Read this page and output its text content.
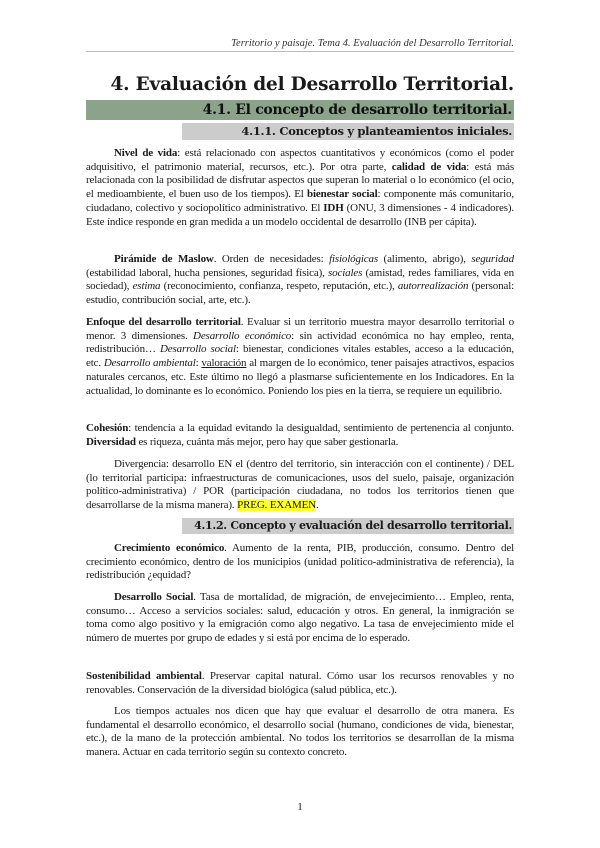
Territorio y paisaje. Tema 4. Evaluación del Desarrollo Territorial.
4. Evaluación del Desarrollo Territorial.
4.1. El concepto de desarrollo territorial.
4.1.1. Conceptos y planteamientos iniciales.
Nivel de vida: está relacionado con aspectos cuantitativos y económicos (como el poder adquisitivo, el patrimonio material, recursos, etc.). Por otra parte, calidad de vida: está más relacionada con la posibilidad de disfrutar aspectos que superan lo material o lo económico (el ocio, el medioambiente, el buen uso de los tiempos). El bienestar social: componente más comunitario, ciudadano, colectivo y sociopolítico administrativo. El IDH (ONU, 3 dimensiones - 4 indicadores). Este índice responde en gran medida a un modelo occidental de desarrollo (INB per cápita).
Pirámide de Maslow. Orden de necesidades: fisiológicas (alimento, abrigo), seguridad (estabilidad laboral, hucha pensiones, seguridad física), sociales (amistad, redes familiares, vida en sociedad), estima (reconocimiento, confianza, respeto, reputación, etc.), autorrealización (personal: estudio, contribución social, arte, etc.).
Enfoque del desarrollo territorial. Evaluar si un territorio muestra mayor desarrollo territorial o menor. 3 dimensiones. Desarrollo económico: sin actividad económica no hay empleo, renta, redistribución… Desarrollo social: bienestar, condiciones vitales estables, acceso a la educación, etc. Desarrollo ambiental: valoración al margen de lo económico, tener paisajes atractivos, espacios naturales cercanos, etc. Este último no llegó a plasmarse suficientemente en los Indicadores. En la actualidad, lo dominante es lo económico. Poniendo los pies en la tierra, se requiere un equilibrio.
Cohesión: tendencia a la equidad evitando la desigualdad, sentimiento de pertenencia al conjunto. Diversidad es riqueza, cuánta más mejor, pero hay que saber gestionarla.
Divergencia: desarrollo EN el (dentro del territorio, sin interacción con el continente) / DEL (lo territorial participa: infraestructuras de comunicaciones, usos del suelo, paisaje, organización político-administrativa) / POR (participación ciudadana, no todos los territorios tienen que desarrollarse de la misma manera). PREG. EXAMEN.
4.1.2. Concepto y evaluación del desarrollo territorial.
Crecimiento económico. Aumento de la renta, PIB, producción, consumo. Dentro del crecimiento económico, dentro de los municipios (unidad político-administrativa de referencia), la redistribución ¿equidad?
Desarrollo Social. Tasa de mortalidad, de migración, de envejecimiento… Empleo, renta, consumo… Acceso a servicios sociales: salud, educación y otros. En general, la inmigración se toma como algo positivo y la emigración como algo negativo. La tasa de envejecimiento mide el número de muertes por grupo de edades y si está por encima de lo esperado.
Sostenibilidad ambiental. Preservar capital natural. Cómo usar los recursos renovables y no renovables. Conservación de la diversidad biológica (salud pública, etc.).
Los tiempos actuales nos dicen que hay que evaluar el desarrollo de otra manera. Es fundamental el desarrollo económico, el desarrollo social (humano, condiciones de vida, bienestar, etc.), de la mano de la protección ambiental. No todos los territorios se desarrollan de la misma manera. Actuar en cada territorio según su contexto concreto.
1
